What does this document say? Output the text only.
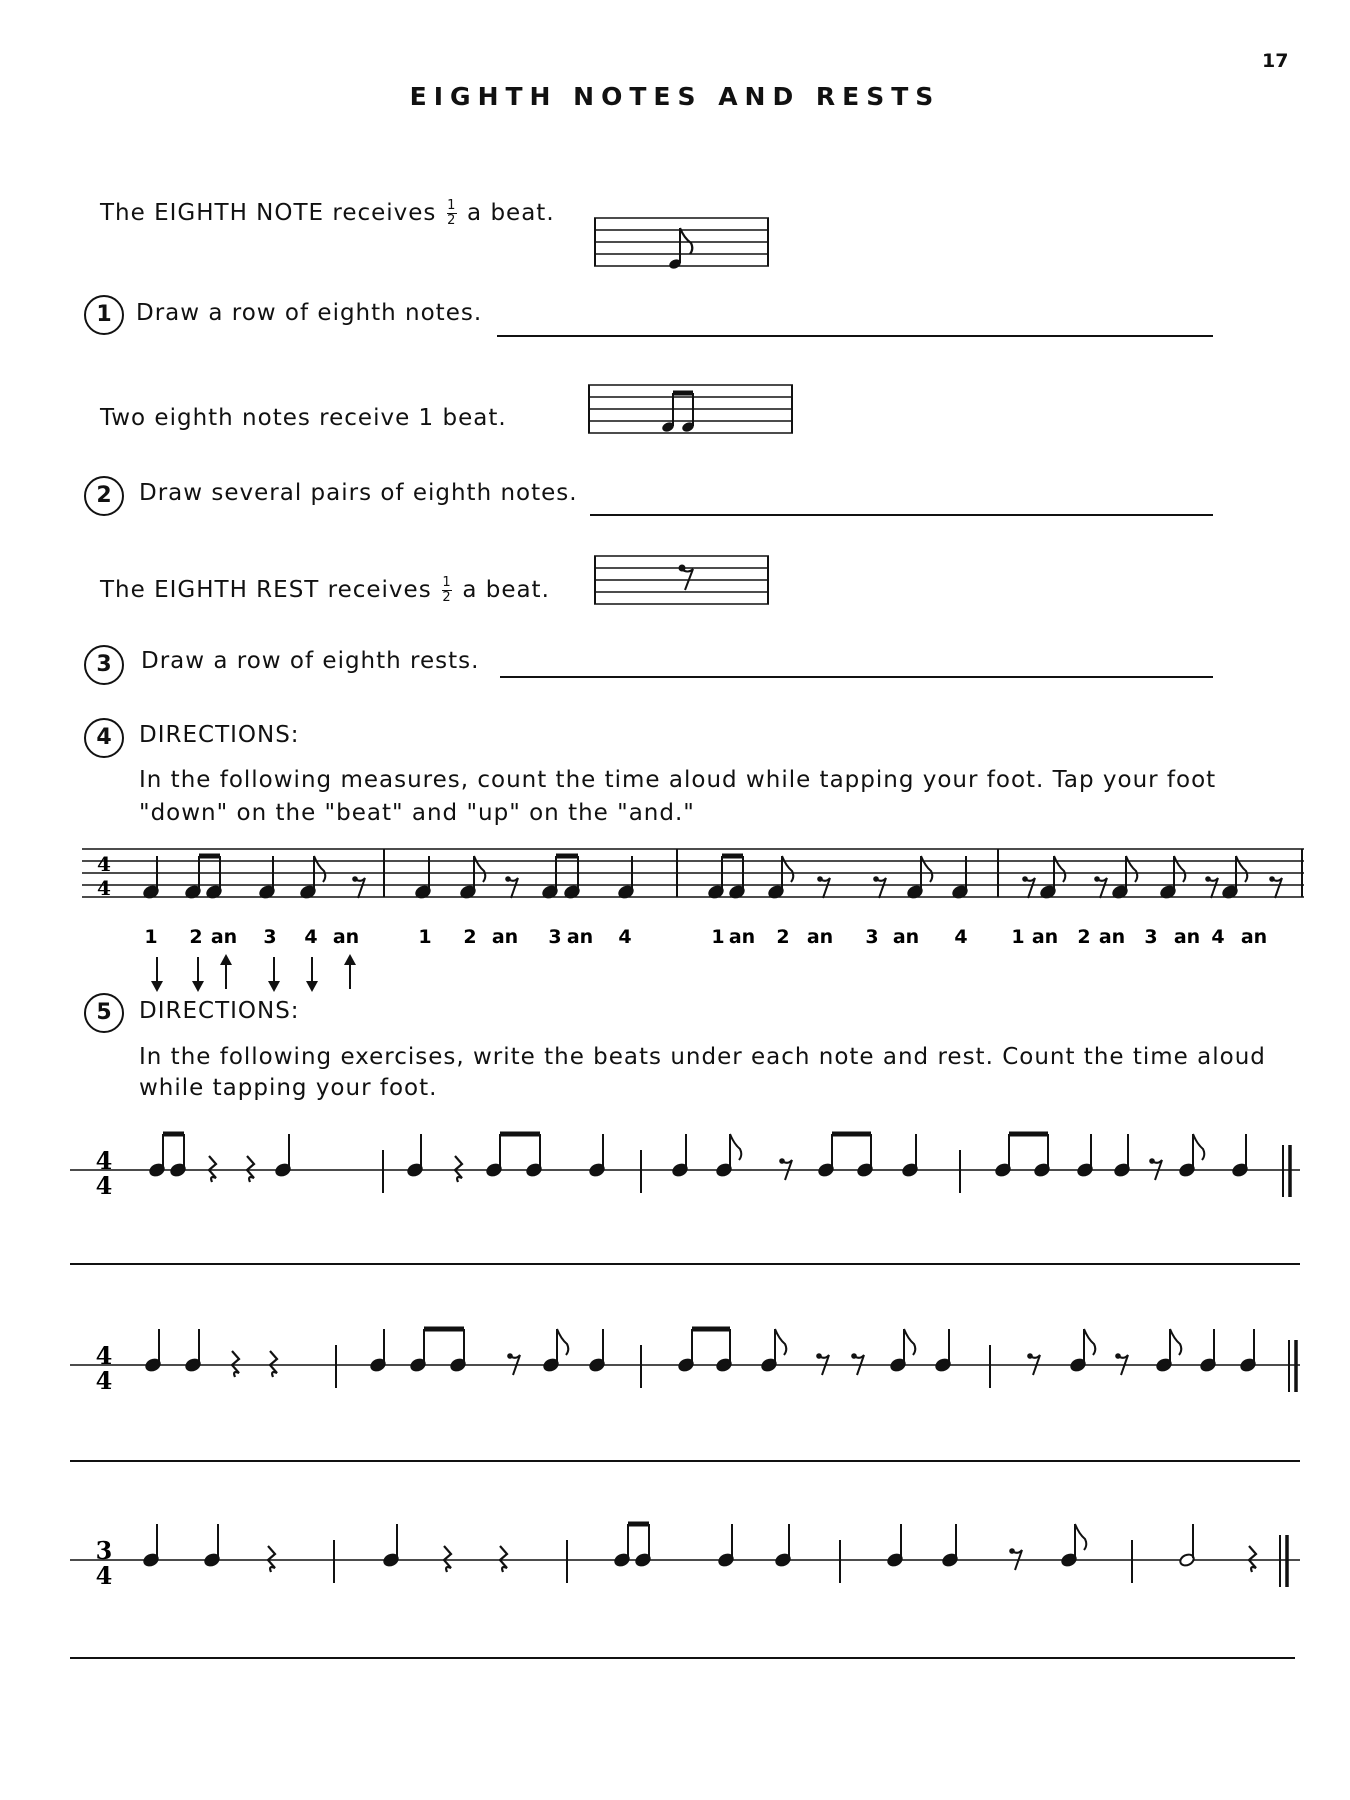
17
EIGHTH NOTES AND RESTS
The EIGHTH NOTE receives $\frac{1}{2}$ a beat.
1	Draw a row of eighth notes.
Two eighth notes receive 1 beat.
2	Draw several pairs of eighth notes.
The EIGHTH REST receives $\frac{1}{2}$ a beat.
3	Draw a row of eighth rests.
4	DIRECTIONS:
In the following measures, count the time aloud while tapping your foot. Tap your foot
"down" on the "beat" and "up" on the "and."
4
4
1 2 an 3 4 an	1 2 an 3 an 4	1 an 2 an 3 an 4 1 an 2 an 3 an 4 an
5	DIRECTIONS:
In the following exercises, write the beats under each note and rest. Count the time aloud
while tapping your foot.
4
4
4
4
3
4
